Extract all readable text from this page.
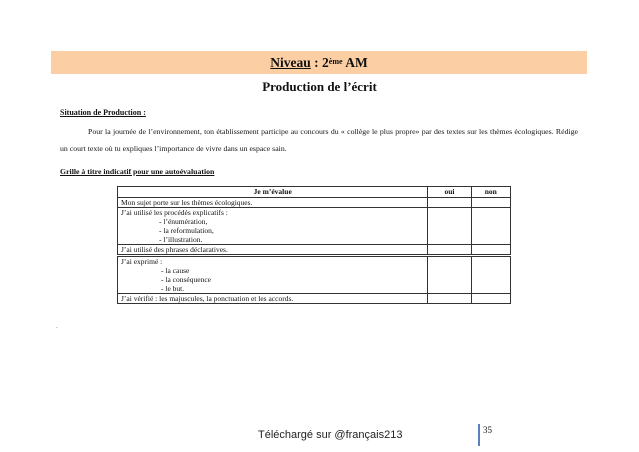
Niveau : 2ème AM
Production de l’écrit
Situation de Production :
Pour la journée de l’environnement, ton établissement participe au concours du « collège le plus propre» par des textes sur les thèmes écologiques. Rédige un court texte où tu expliques l’importance de vivre dans un espace sain.
Grille à titre indicatif pour une autoévaluation
Je m’évalue	oui	non

Mon sujet porte sur les thèmes écologiques.		

J’ai utilisé les procédés explicatifs :
- l’énumération,
- la reformulation,
- l’illustration.		

J’ai utilisé des phrases déclaratives.		

J’ai exprimé :
- la cause
- la conséquence
- le but.		

J’ai vérifié : les majuscules, la ponctuation et les accords.		

.
Téléchargé sur @français213	35
